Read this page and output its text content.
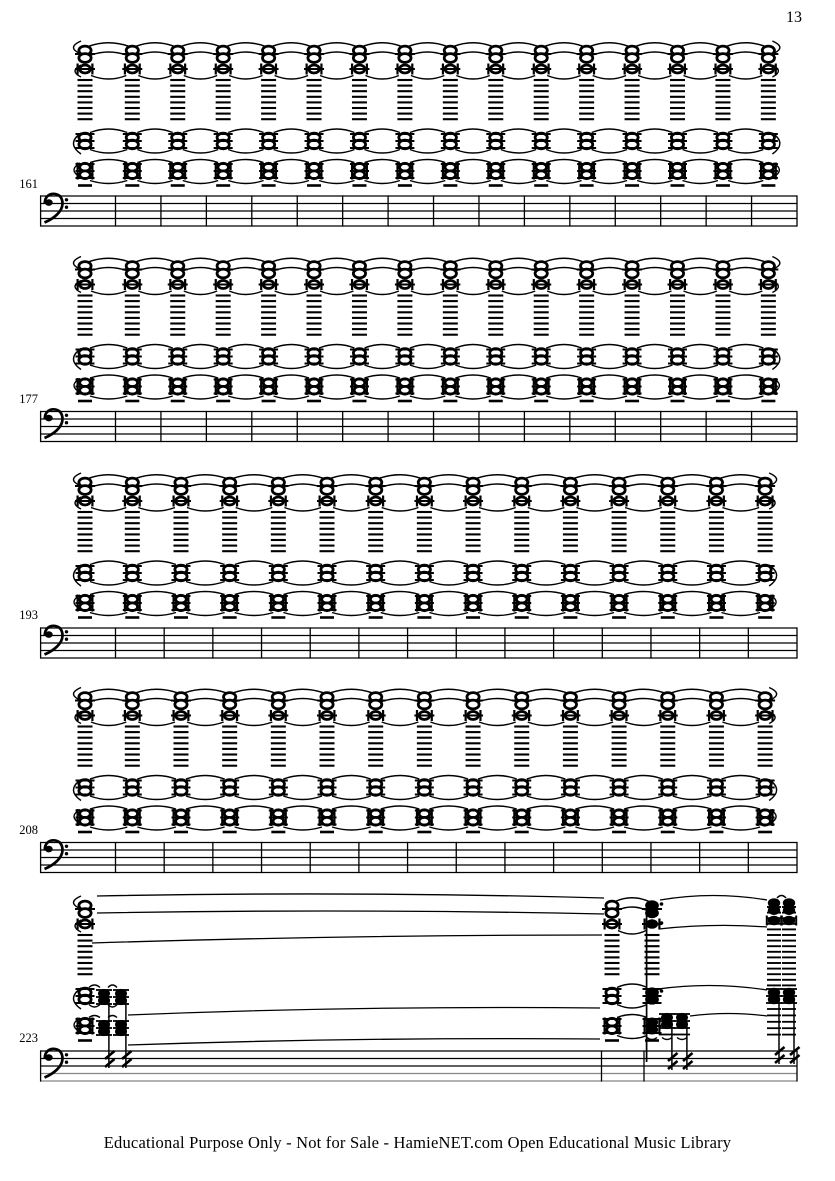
13
161
177
193
208
223
Educational Purpose Only - Not for Sale - HamieNET.com Open Educational Music Library
